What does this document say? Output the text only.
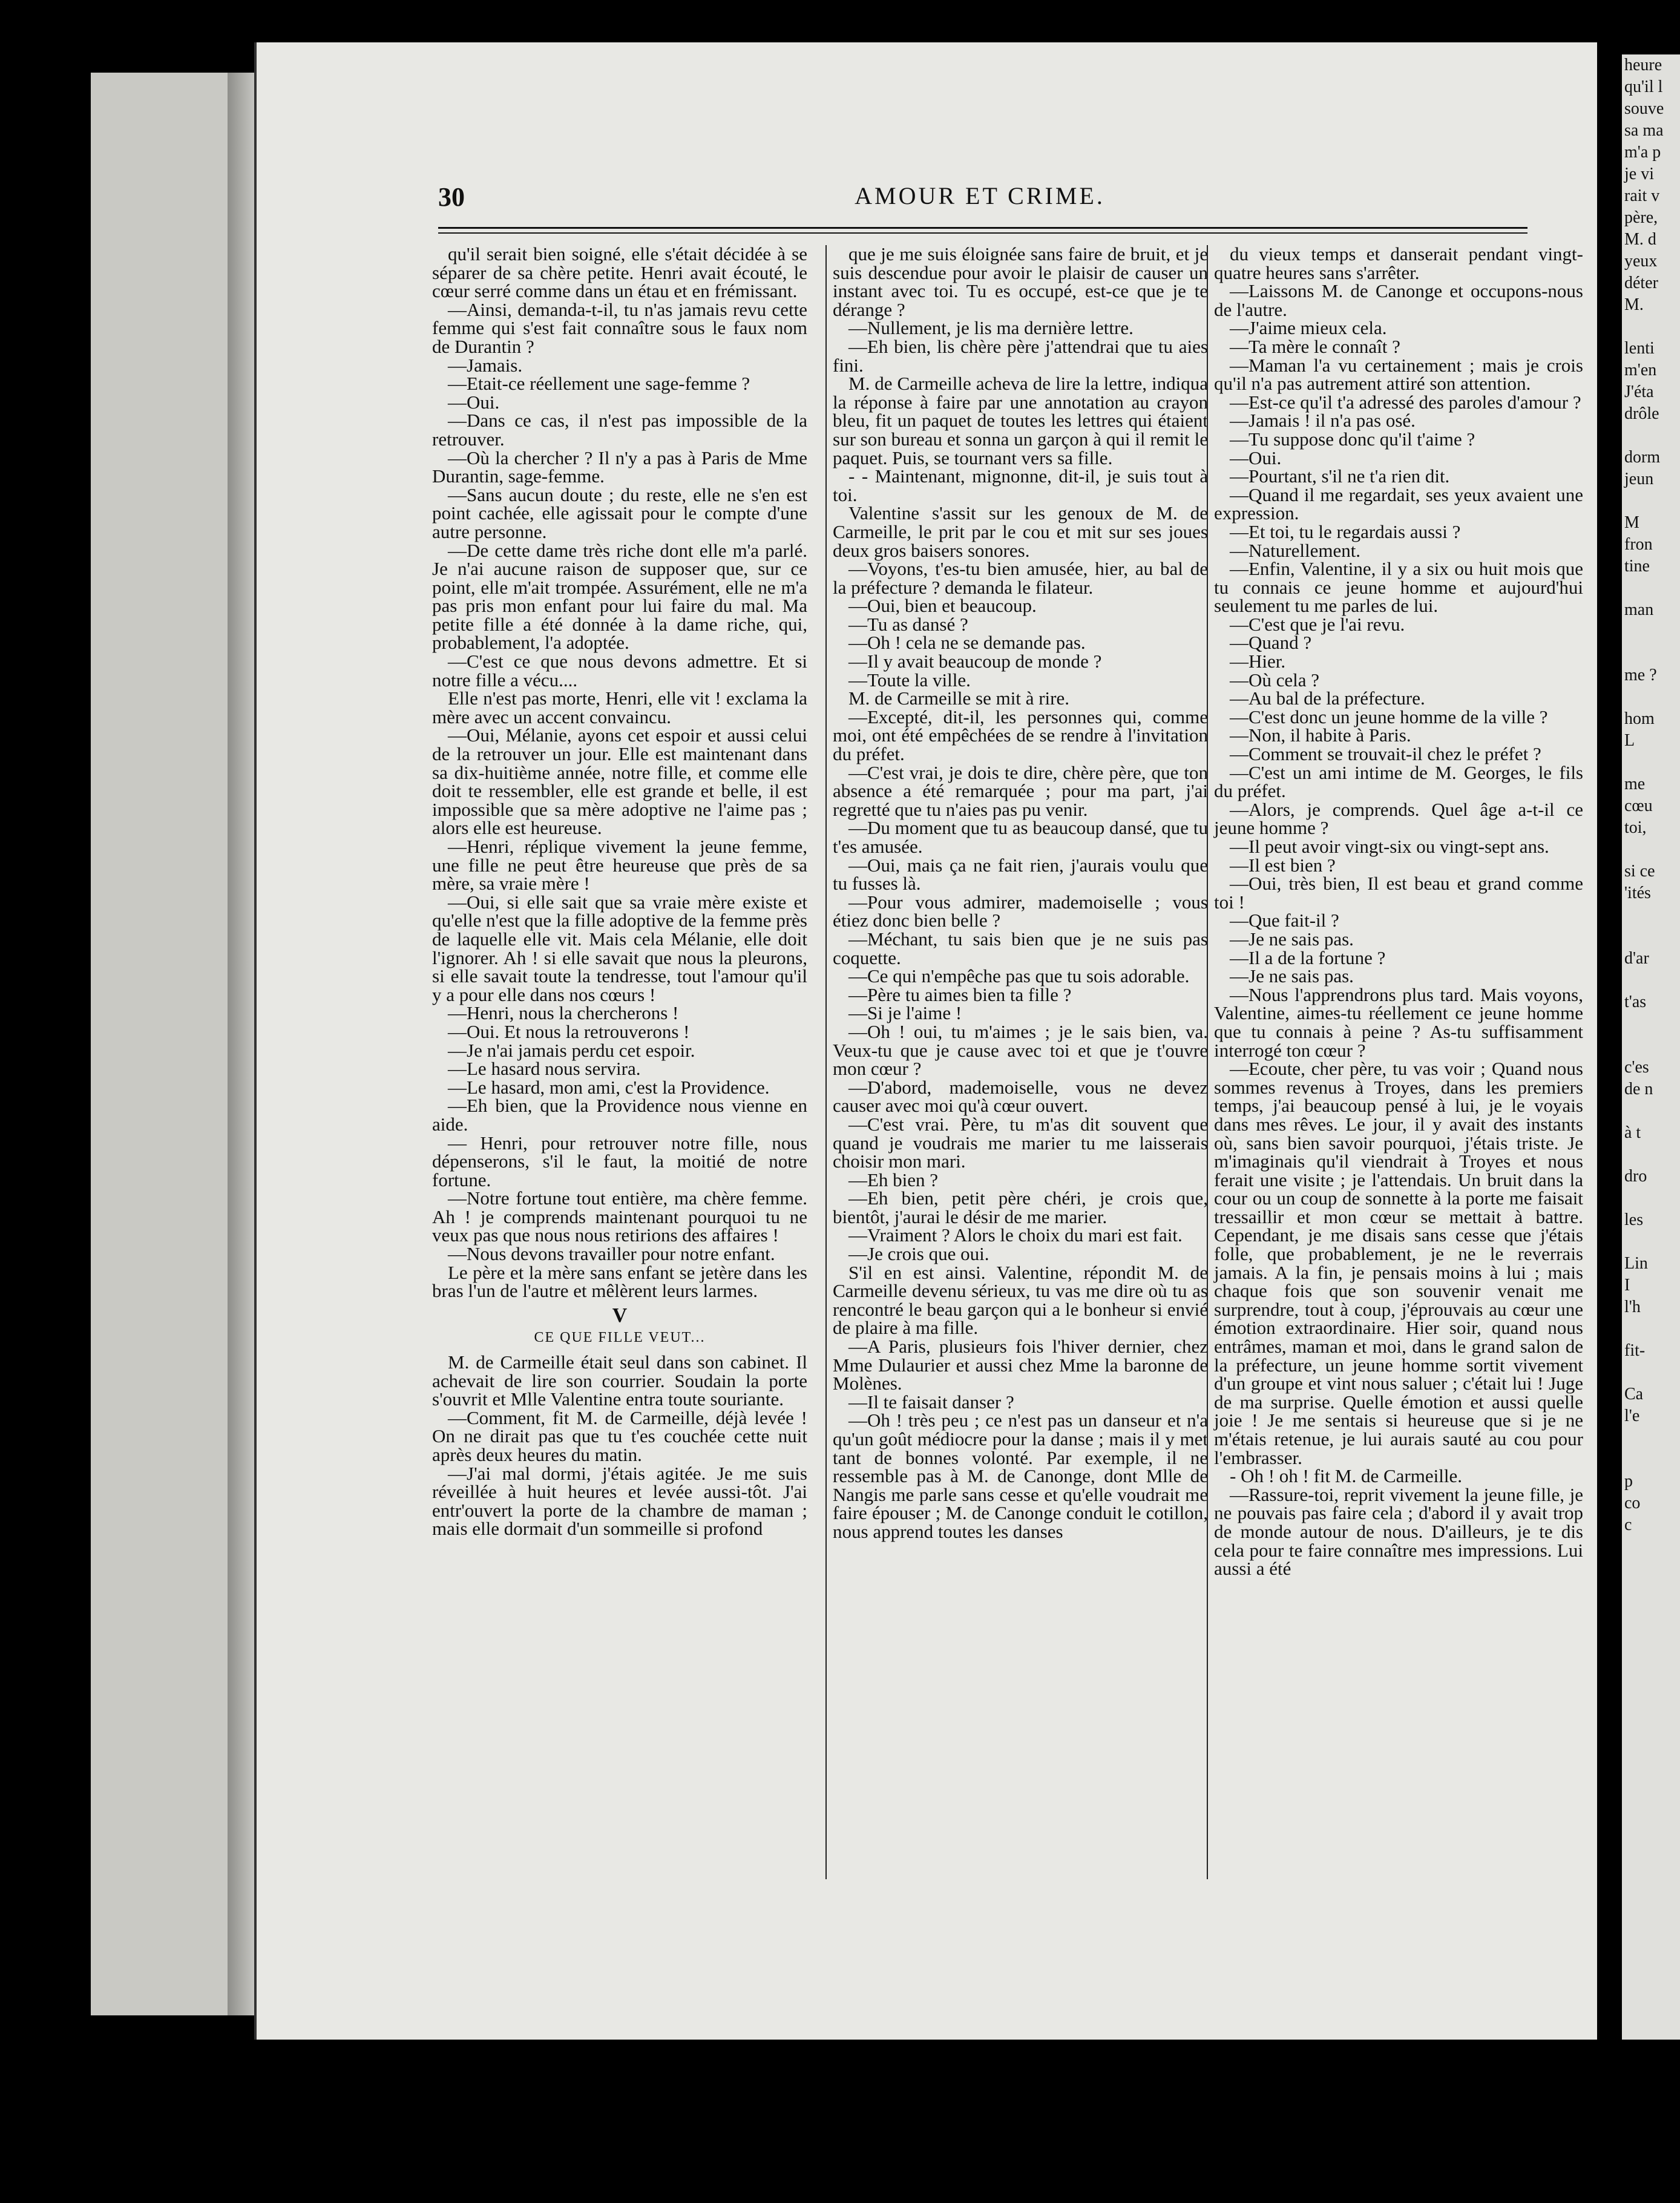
heure
qu'il l
souve
sa ma
m'a p
je vi
rait v
père,
M. d
yeux
déter
M.

lenti
m'en
J'éta
drôle

dorm
jeun

M
fron
tine

man

me ?

hom
L

me
cœu
toi,

si ce
'ités

d'ar

t'as

c'es
de n

à t

dro

les

Lin
I
l'h

fit-

Ca
l'e

p
co
c
30	AMOUR ET CRIME.

qu'il serait bien soigné, elle s'était décidée à se séparer de sa chère petite. Henri avait écouté, le cœur serré comme dans un étau et en frémissant.

—Ainsi, demanda-t-il, tu n'as jamais revu cette femme qui s'est fait connaître sous le faux nom de Durantin ?

—Jamais.

—Etait-ce réellement une sage-femme ?

—Oui.

—Dans ce cas, il n'est pas impossible de la retrouver.

—Où la chercher ? Il n'y a pas à Paris de Mme Durantin, sage-femme.

—Sans aucun doute ; du reste, elle ne s'en est point cachée, elle agissait pour le compte d'une autre personne.

—De cette dame très riche dont elle m'a parlé. Je n'ai aucune raison de supposer que, sur ce point, elle m'ait trompée. Assurément, elle ne m'a pas pris mon enfant pour lui faire du mal. Ma petite fille a été donnée à la dame riche, qui, probablement, l'a adoptée.

—C'est ce que nous devons admettre. Et si notre fille a vécu....

Elle n'est pas morte, Henri, elle vit ! exclama la mère avec un accent convaincu.

—Oui, Mélanie, ayons cet espoir et aussi celui de la retrouver un jour. Elle est maintenant dans sa dix-huitième année, notre fille, et comme elle doit te ressembler, elle est grande et belle, il est impossible que sa mère adoptive ne l'aime pas ; alors elle est heureuse.

—Henri, réplique vivement la jeune femme, une fille ne peut être heureuse que près de sa mère, sa vraie mère !

—Oui, si elle sait que sa vraie mère existe et qu'elle n'est que la fille adoptive de la femme près de laquelle elle vit. Mais cela Mélanie, elle doit l'ignorer. Ah ! si elle savait que nous la pleurons, si elle savait toute la tendresse, tout l'amour qu'il y a pour elle dans nos cœurs !

—Henri, nous la chercherons !

—Oui. Et nous la retrouverons !

—Je n'ai jamais perdu cet espoir.

—Le hasard nous servira.

—Le hasard, mon ami, c'est la Providence.

—Eh bien, que la Providence nous vienne en aide.

— Henri, pour retrouver notre fille, nous dépenserons, s'il le faut, la moitié de notre fortune.

—Notre fortune tout entière, ma chère femme. Ah ! je comprends maintenant pourquoi tu ne veux pas que nous nous retirions des affaires !

—Nous devons travailler pour notre enfant.

Le père et la mère sans enfant se jetère dans les bras l'un de l'autre et mêlèrent leurs larmes.

V

CE QUE FILLE VEUT...

M. de Carmeille était seul dans son cabinet. Il achevait de lire son courrier. Soudain la porte s'ouvrit et Mlle Valentine entra toute souriante.

—Comment, fit M. de Carmeille, déjà levée ! On ne dirait pas que tu t'es couchée cette nuit après deux heures du matin.

—J'ai mal dormi, j'étais agitée. Je me suis réveillée à huit heures et levée aussi-tôt. J'ai entr'ouvert la porte de la chambre de maman ; mais elle dormait d'un sommeille si profond

que je me suis éloignée sans faire de bruit, et je suis descendue pour avoir le plaisir de causer un instant avec toi. Tu es occupé, est-ce que je te dérange ?

—Nullement, je lis ma dernière lettre.

—Eh bien, lis chère père j'attendrai que tu aies fini.

M. de Carmeille acheva de lire la lettre, indiqua la réponse à faire par une annotation au crayon bleu, fit un paquet de toutes les lettres qui étaient sur son bureau et sonna un garçon à qui il remit le paquet. Puis, se tournant vers sa fille.

- - Maintenant, mignonne, dit-il, je suis tout à toi.

Valentine s'assit sur les genoux de M. de Carmeille, le prit par le cou et mit sur ses joues deux gros baisers sonores.

—Voyons, t'es-tu bien amusée, hier, au bal de la préfecture ? demanda le filateur.

—Oui, bien et beaucoup.

—Tu as dansé ?

—Oh ! cela ne se demande pas.

—Il y avait beaucoup de monde ?

—Toute la ville.

M. de Carmeille se mit à rire.

—Excepté, dit-il, les personnes qui, comme moi, ont été empêchées de se rendre à l'invitation du préfet.

—C'est vrai, je dois te dire, chère père, que ton absence a été remarquée ; pour ma part, j'ai regretté que tu n'aies pas pu venir.

—Du moment que tu as beaucoup dansé, que tu t'es amusée.

—Oui, mais ça ne fait rien, j'aurais voulu que tu fusses là.

—Pour vous admirer, mademoiselle ; vous étiez donc bien belle ?

—Méchant, tu sais bien que je ne suis pas coquette.

—Ce qui n'empêche pas que tu sois adorable.

—Père tu aimes bien ta fille ?

—Si je l'aime !

—Oh ! oui, tu m'aimes ; je le sais bien, va. Veux-tu que je cause avec toi et que je t'ouvre mon cœur ?

—D'abord, mademoiselle, vous ne devez causer avec moi qu'à cœur ouvert.

—C'est vrai. Père, tu m'as dit souvent que quand je voudrais me marier tu me laisserais choisir mon mari.

—Eh bien ?

—Eh bien, petit père chéri, je crois que, bientôt, j'aurai le désir de me marier.

—Vraiment ? Alors le choix du mari est fait.

—Je crois que oui.

S'il en est ainsi. Valentine, répondit M. de Carmeille devenu sérieux, tu vas me dire où tu as rencontré le beau garçon qui a le bonheur si envié de plaire à ma fille.

—A Paris, plusieurs fois l'hiver dernier, chez Mme Dulaurier et aussi chez Mme la baronne de Molènes.

—Il te faisait danser ?

—Oh ! très peu ; ce n'est pas un danseur et n'a qu'un goût médiocre pour la danse ; mais il y met tant de bonnes volonté. Par exemple, il ne ressemble pas à M. de Canonge, dont Mlle de Nangis me parle sans cesse et qu'elle voudrait me faire épouser ; M. de Canonge conduit le cotillon, nous apprend toutes les danses

du vieux temps et danserait pendant vingt-quatre heures sans s'arrêter.

—Laissons M. de Canonge et occupons-nous de l'autre.

—J'aime mieux cela.

—Ta mère le connaît ?

—Maman l'a vu certainement ; mais je crois qu'il n'a pas autrement attiré son attention.

—Est-ce qu'il t'a adressé des paroles d'amour ?

—Jamais ! il n'a pas osé.

—Tu suppose donc qu'il t'aime ?

—Oui.

—Pourtant, s'il ne t'a rien dit.

—Quand il me regardait, ses yeux avaient une expression.

—Et toi, tu le regardais aussi ?

—Naturellement.

—Enfin, Valentine, il y a six ou huit mois que tu connais ce jeune homme et aujourd'hui seulement tu me parles de lui.

—C'est que je l'ai revu.

—Quand ?

—Hier.

—Où cela ?

—Au bal de la préfecture.

—C'est donc un jeune homme de la ville ?

—Non, il habite à Paris.

—Comment se trouvait-il chez le préfet ?

—C'est un ami intime de M. Georges, le fils du préfet.

—Alors, je comprends. Quel âge a-t-il ce jeune homme ?

—Il peut avoir vingt-six ou vingt-sept ans.

—Il est bien ?

—Oui, très bien, Il est beau et grand comme toi !

—Que fait-il ?

—Je ne sais pas.

—Il a de la fortune ?

—Je ne sais pas.

—Nous l'apprendrons plus tard. Mais voyons, Valentine, aimes-tu réellement ce jeune homme que tu connais à peine ? As-tu suffisamment interrogé ton cœur ?

—Ecoute, cher père, tu vas voir ; Quand nous sommes revenus à Troyes, dans les premiers temps, j'ai beaucoup pensé à lui, je le voyais dans mes rêves. Le jour, il y avait des instants où, sans bien savoir pourquoi, j'étais triste. Je m'imaginais qu'il viendrait à Troyes et nous ferait une visite ; je l'attendais. Un bruit dans la cour ou un coup de sonnette à la porte me faisait tressaillir et mon cœur se mettait à battre. Cependant, je me disais sans cesse que j'étais folle, que probablement, je ne le reverrais jamais. A la fin, je pensais moins à lui ; mais chaque fois que son souvenir venait me surprendre, tout à coup, j'éprouvais au cœur une émotion extraordinaire. Hier soir, quand nous entrâmes, maman et moi, dans le grand salon de la préfecture, un jeune homme sortit vivement d'un groupe et vint nous saluer ; c'était lui ! Juge de ma surprise. Quelle émotion et aussi quelle joie ! Je me sentais si heureuse que si je ne m'étais retenue, je lui aurais sauté au cou pour l'embrasser.

- Oh ! oh ! fit M. de Carmeille.

—Rassure-toi, reprit vivement la jeune fille, je ne pouvais pas faire cela ; d'abord il y avait trop de monde autour de nous. D'ailleurs, je te dis cela pour te faire connaître mes impressions. Lui aussi a été
